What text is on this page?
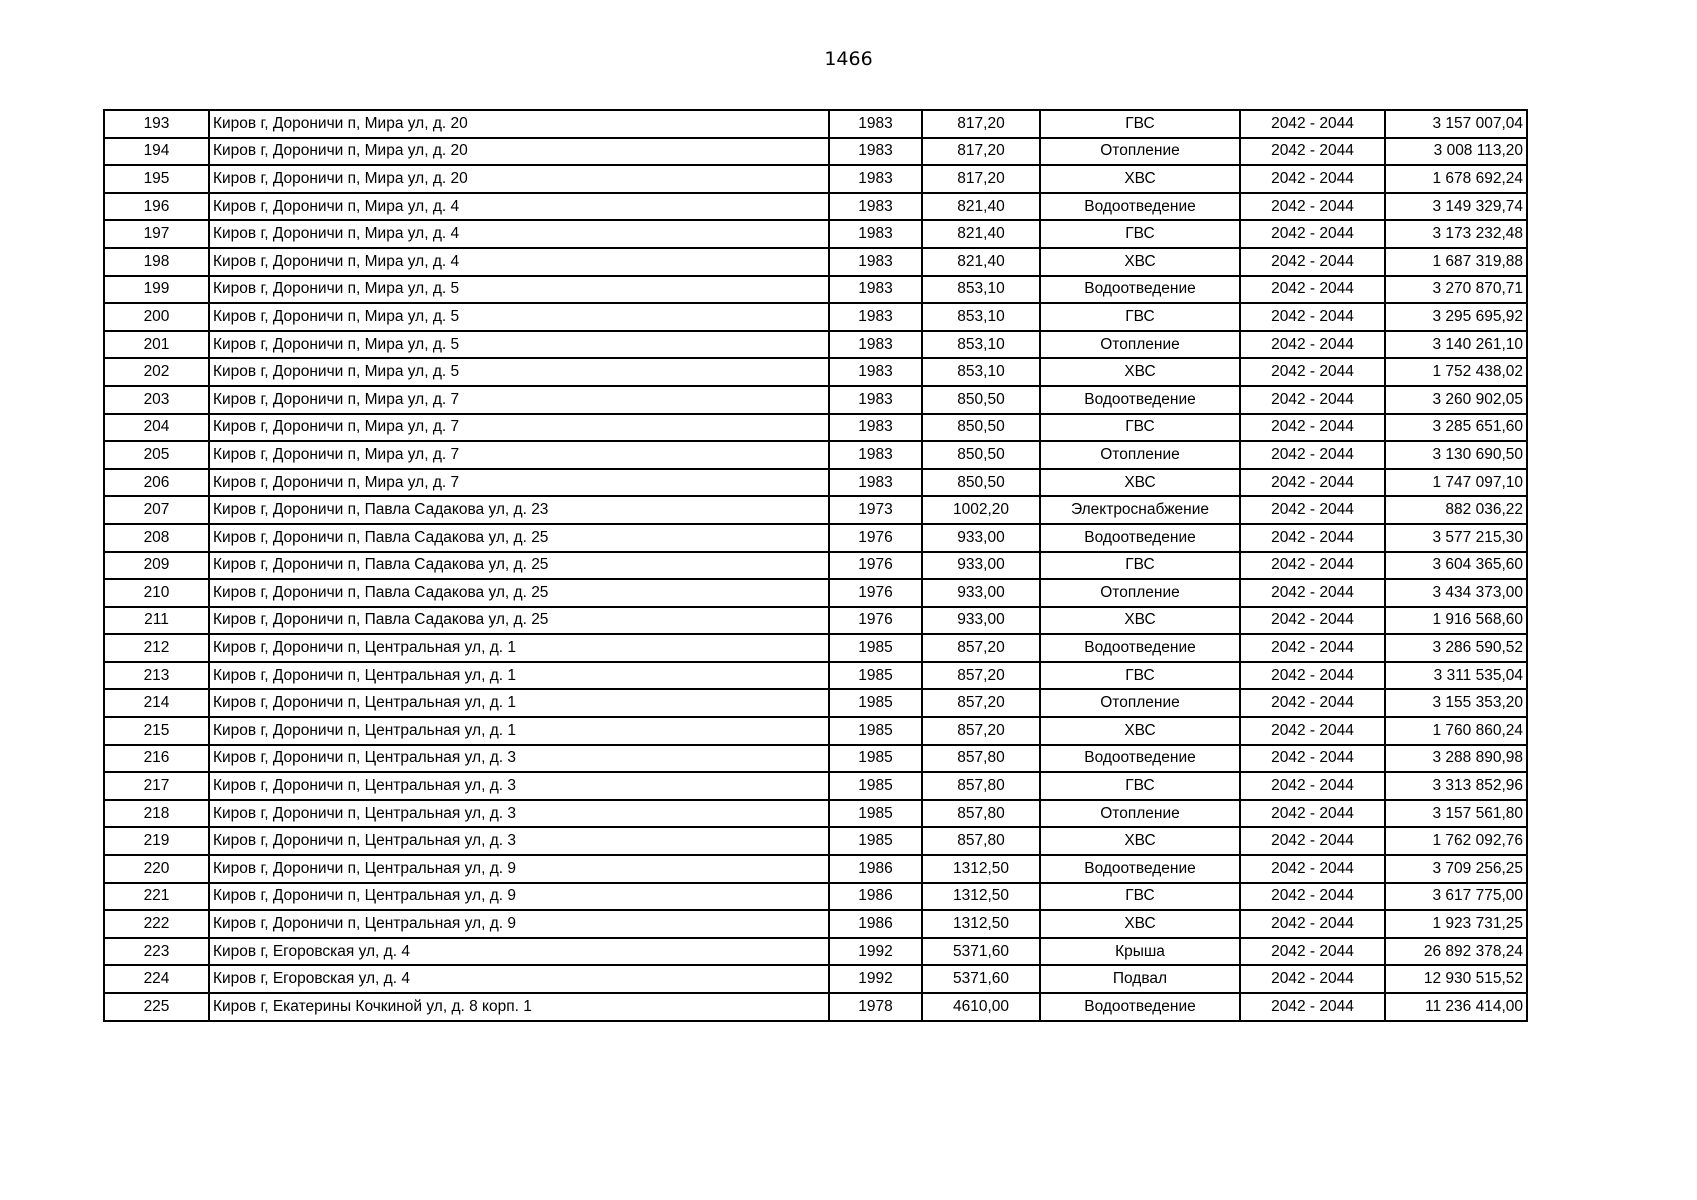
1466
193	Киров г, Дороничи п, Мира ул, д. 20	1983	817,20	ГВС	2042 - 2044	3 157 007,04
194	Киров г, Дороничи п, Мира ул, д. 20	1983	817,20	Отопление	2042 - 2044	3 008 113,20
195	Киров г, Дороничи п, Мира ул, д. 20	1983	817,20	ХВС	2042 - 2044	1 678 692,24
196	Киров г, Дороничи п, Мира ул, д. 4	1983	821,40	Водоотведение	2042 - 2044	3 149 329,74
197	Киров г, Дороничи п, Мира ул, д. 4	1983	821,40	ГВС	2042 - 2044	3 173 232,48
198	Киров г, Дороничи п, Мира ул, д. 4	1983	821,40	ХВС	2042 - 2044	1 687 319,88
199	Киров г, Дороничи п, Мира ул, д. 5	1983	853,10	Водоотведение	2042 - 2044	3 270 870,71
200	Киров г, Дороничи п, Мира ул, д. 5	1983	853,10	ГВС	2042 - 2044	3 295 695,92
201	Киров г, Дороничи п, Мира ул, д. 5	1983	853,10	Отопление	2042 - 2044	3 140 261,10
202	Киров г, Дороничи п, Мира ул, д. 5	1983	853,10	ХВС	2042 - 2044	1 752 438,02
203	Киров г, Дороничи п, Мира ул, д. 7	1983	850,50	Водоотведение	2042 - 2044	3 260 902,05
204	Киров г, Дороничи п, Мира ул, д. 7	1983	850,50	ГВС	2042 - 2044	3 285 651,60
205	Киров г, Дороничи п, Мира ул, д. 7	1983	850,50	Отопление	2042 - 2044	3 130 690,50
206	Киров г, Дороничи п, Мира ул, д. 7	1983	850,50	ХВС	2042 - 2044	1 747 097,10
207	Киров г, Дороничи п, Павла Садакова ул, д. 23	1973	1002,20	Электроснабжение	2042 - 2044	882 036,22
208	Киров г, Дороничи п, Павла Садакова ул, д. 25	1976	933,00	Водоотведение	2042 - 2044	3 577 215,30
209	Киров г, Дороничи п, Павла Садакова ул, д. 25	1976	933,00	ГВС	2042 - 2044	3 604 365,60
210	Киров г, Дороничи п, Павла Садакова ул, д. 25	1976	933,00	Отопление	2042 - 2044	3 434 373,00
211	Киров г, Дороничи п, Павла Садакова ул, д. 25	1976	933,00	ХВС	2042 - 2044	1 916 568,60
212	Киров г, Дороничи п, Центральная ул, д. 1	1985	857,20	Водоотведение	2042 - 2044	3 286 590,52
213	Киров г, Дороничи п, Центральная ул, д. 1	1985	857,20	ГВС	2042 - 2044	3 311 535,04
214	Киров г, Дороничи п, Центральная ул, д. 1	1985	857,20	Отопление	2042 - 2044	3 155 353,20
215	Киров г, Дороничи п, Центральная ул, д. 1	1985	857,20	ХВС	2042 - 2044	1 760 860,24
216	Киров г, Дороничи п, Центральная ул, д. 3	1985	857,80	Водоотведение	2042 - 2044	3 288 890,98
217	Киров г, Дороничи п, Центральная ул, д. 3	1985	857,80	ГВС	2042 - 2044	3 313 852,96
218	Киров г, Дороничи п, Центральная ул, д. 3	1985	857,80	Отопление	2042 - 2044	3 157 561,80
219	Киров г, Дороничи п, Центральная ул, д. 3	1985	857,80	ХВС	2042 - 2044	1 762 092,76
220	Киров г, Дороничи п, Центральная ул, д. 9	1986	1312,50	Водоотведение	2042 - 2044	3 709 256,25
221	Киров г, Дороничи п, Центральная ул, д. 9	1986	1312,50	ГВС	2042 - 2044	3 617 775,00
222	Киров г, Дороничи п, Центральная ул, д. 9	1986	1312,50	ХВС	2042 - 2044	1 923 731,25
223	Киров г, Егоровская ул, д. 4	1992	5371,60	Крыша	2042 - 2044	26 892 378,24
224	Киров г, Егоровская ул, д. 4	1992	5371,60	Подвал	2042 - 2044	12 930 515,52
225	Киров г, Екатерины Кочкиной ул, д. 8 корп. 1	1978	4610,00	Водоотведение	2042 - 2044	11 236 414,00
